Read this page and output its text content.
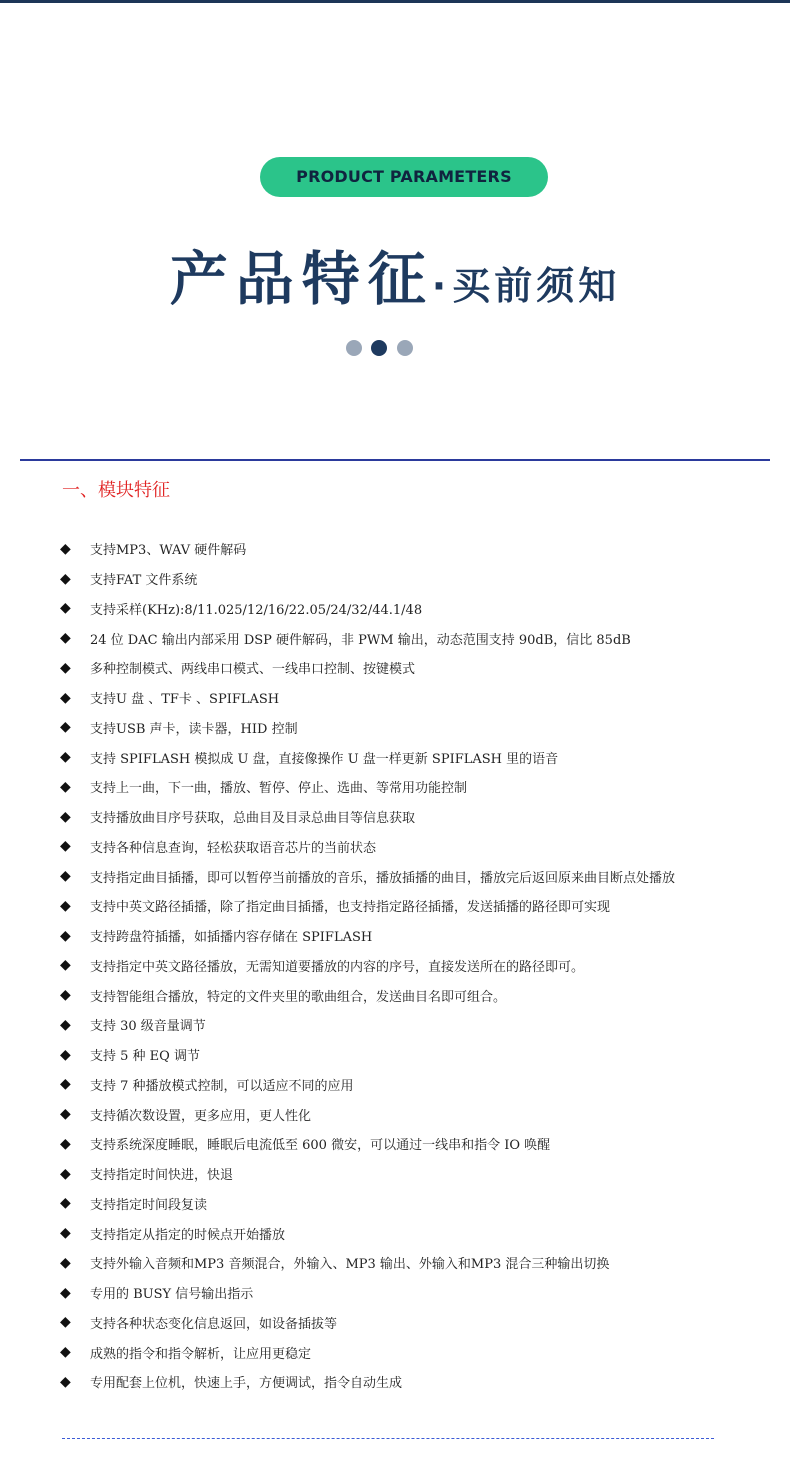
PRODUCT PARAMETERS
产品特征· 买前须知
一、模块特征
◆	支持MP3、WAV 硬件解码
◆	支持FAT 文件系统
◆	支持采样(KHz):8/11.025/12/16/22.05/24/32/44.1/48
◆	24 位 DAC 输出内部采用 DSP 硬件解码，非 PWM 输出，动态范围支持 90dB，信比 85dB
◆	多种控制模式、两线串口模式、一线串口控制、按键模式
◆	支持U 盘 、TF卡 、SPIFLASH
◆	支持USB 声卡，读卡器，HID 控制
◆	支持 SPIFLASH 模拟成 U 盘，直接像操作 U 盘一样更新 SPIFLASH 里的语音
◆	支持上一曲，下一曲，播放、暂停、停止、选曲、等常用功能控制
◆	支持播放曲目序号获取，总曲目及目录总曲目等信息获取
◆	支持各种信息查询，轻松获取语音芯片的当前状态
◆	支持指定曲目插播，即可以暂停当前播放的音乐，播放插播的曲目，播放完后返回原来曲目断点处播放
◆	支持中英文路径插播，除了指定曲目插播，也支持指定路径插播，发送插播的路径即可实现
◆	支持跨盘符插播，如插播内容存储在 SPIFLASH
◆	支持指定中英文路径播放，无需知道要播放的内容的序号，直接发送所在的路径即可。
◆	支持智能组合播放，特定的文件夹里的歌曲组合，发送曲目名即可组合。
◆	支持 30 级音量调节
◆	支持 5 种 EQ 调节
◆	支持 7 种播放模式控制，可以适应不同的应用
◆	支持循次数设置，更多应用，更人性化
◆	支持系统深度睡眠，睡眠后电流低至 600 微安，可以通过一线串和指令 IO 唤醒
◆	支持指定时间快进，快退
◆	支持指定时间段复读
◆	支持指定从指定的时候点开始播放
◆	支持外输入音频和MP3 音频混合，外输入、MP3 输出、外输入和MP3 混合三种输出切换
◆	专用的 BUSY 信号输出指示
◆	支持各种状态变化信息返回，如设备插拔等
◆	成熟的指令和指令解析，让应用更稳定
◆	专用配套上位机，快速上手，方便调试，指令自动生成
